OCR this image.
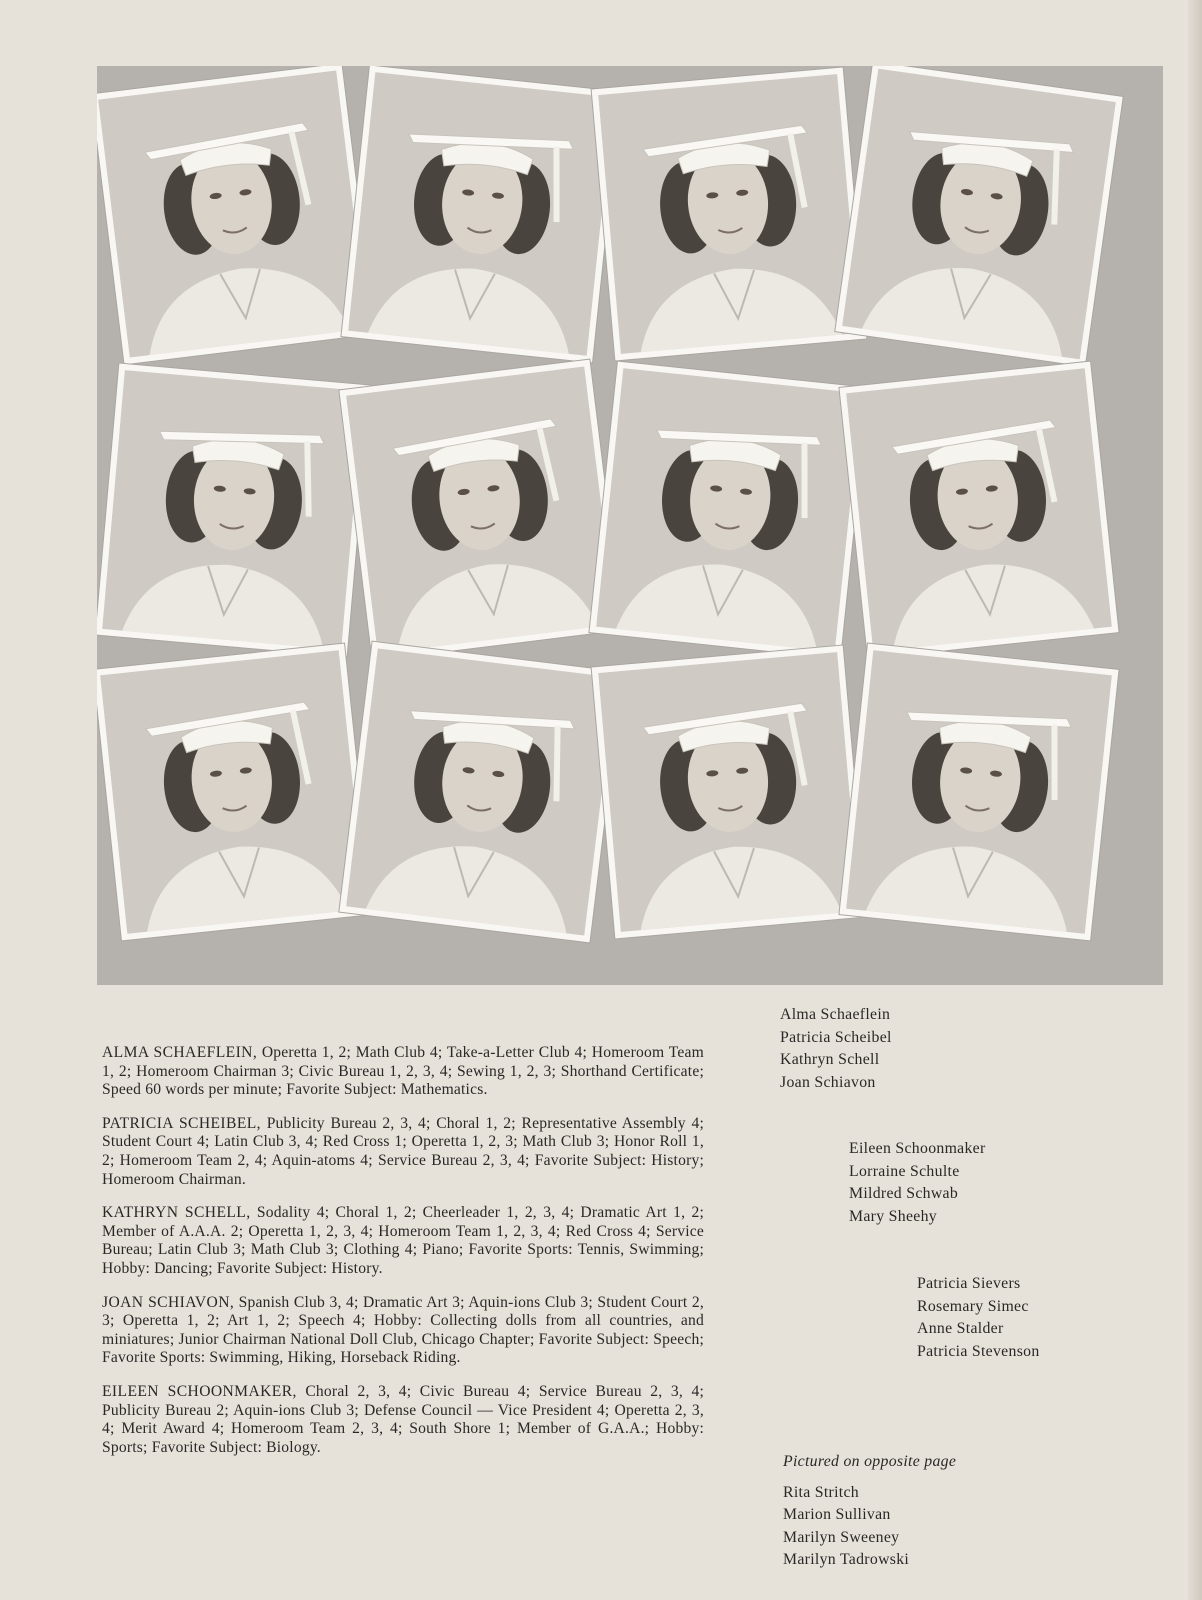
ALMA SCHAEFLEIN, Operetta 1, 2; Math Club 4; Take-a-Letter Club 4; Homeroom Team 1, 2; Homeroom Chairman 3; Civic Bureau 1, 2, 3, 4; Sewing 1, 2, 3; Shorthand Certificate; Speed 60 words per minute; Favorite Subject: Mathematics.

PATRICIA SCHEIBEL, Publicity Bureau 2, 3, 4; Choral 1, 2; Representative Assembly 4; Student Court 4; Latin Club 3, 4; Red Cross 1; Operetta 1, 2, 3; Math Club 3; Honor Roll 1, 2; Homeroom Team 2, 4; Aquin-atoms 4; Service Bureau 2, 3, 4; Favorite Subject: History; Homeroom Chairman.

KATHRYN SCHELL, Sodality 4; Choral 1, 2; Cheerleader 1, 2, 3, 4; Dramatic Art 1, 2; Member of A.A.A. 2; Operetta 1, 2, 3, 4; Homeroom Team 1, 2, 3, 4; Red Cross 4; Service Bureau; Latin Club 3; Math Club 3; Clothing 4; Piano; Favorite Sports: Tennis, Swimming; Hobby: Dancing; Favorite Subject: History.

JOAN SCHIAVON, Spanish Club 3, 4; Dramatic Art 3; Aquin-ions Club 3; Student Court 2, 3; Operetta 1, 2; Art 1, 2; Speech 4; Hobby: Collecting dolls from all countries, and miniatures; Junior Chairman National Doll Club, Chicago Chapter; Favorite Subject: Speech; Favorite Sports: Swimming, Hiking, Horseback Riding.

EILEEN SCHOONMAKER, Choral 2, 3, 4; Civic Bureau 4; Service Bureau 2, 3, 4; Publicity Bureau 2; Aquin-ions Club 3; Defense Council — Vice President 4; Operetta 2, 3, 4; Merit Award 4; Homeroom Team 2, 3, 4; South Shore 1; Member of G.A.A.; Hobby: Sports; Favorite Subject: Biology.

Alma Schaeflein
Patricia Scheibel
Kathryn Schell
Joan Schiavon
Eileen Schoonmaker
Lorraine Schulte
Mildred Schwab
Mary Sheehy
Patricia Sievers
Rosemary Simec
Anne Stalder
Patricia Stevenson
Pictured on opposite page
Rita Stritch
Marion Sullivan
Marilyn Sweeney
Marilyn Tadrowski
